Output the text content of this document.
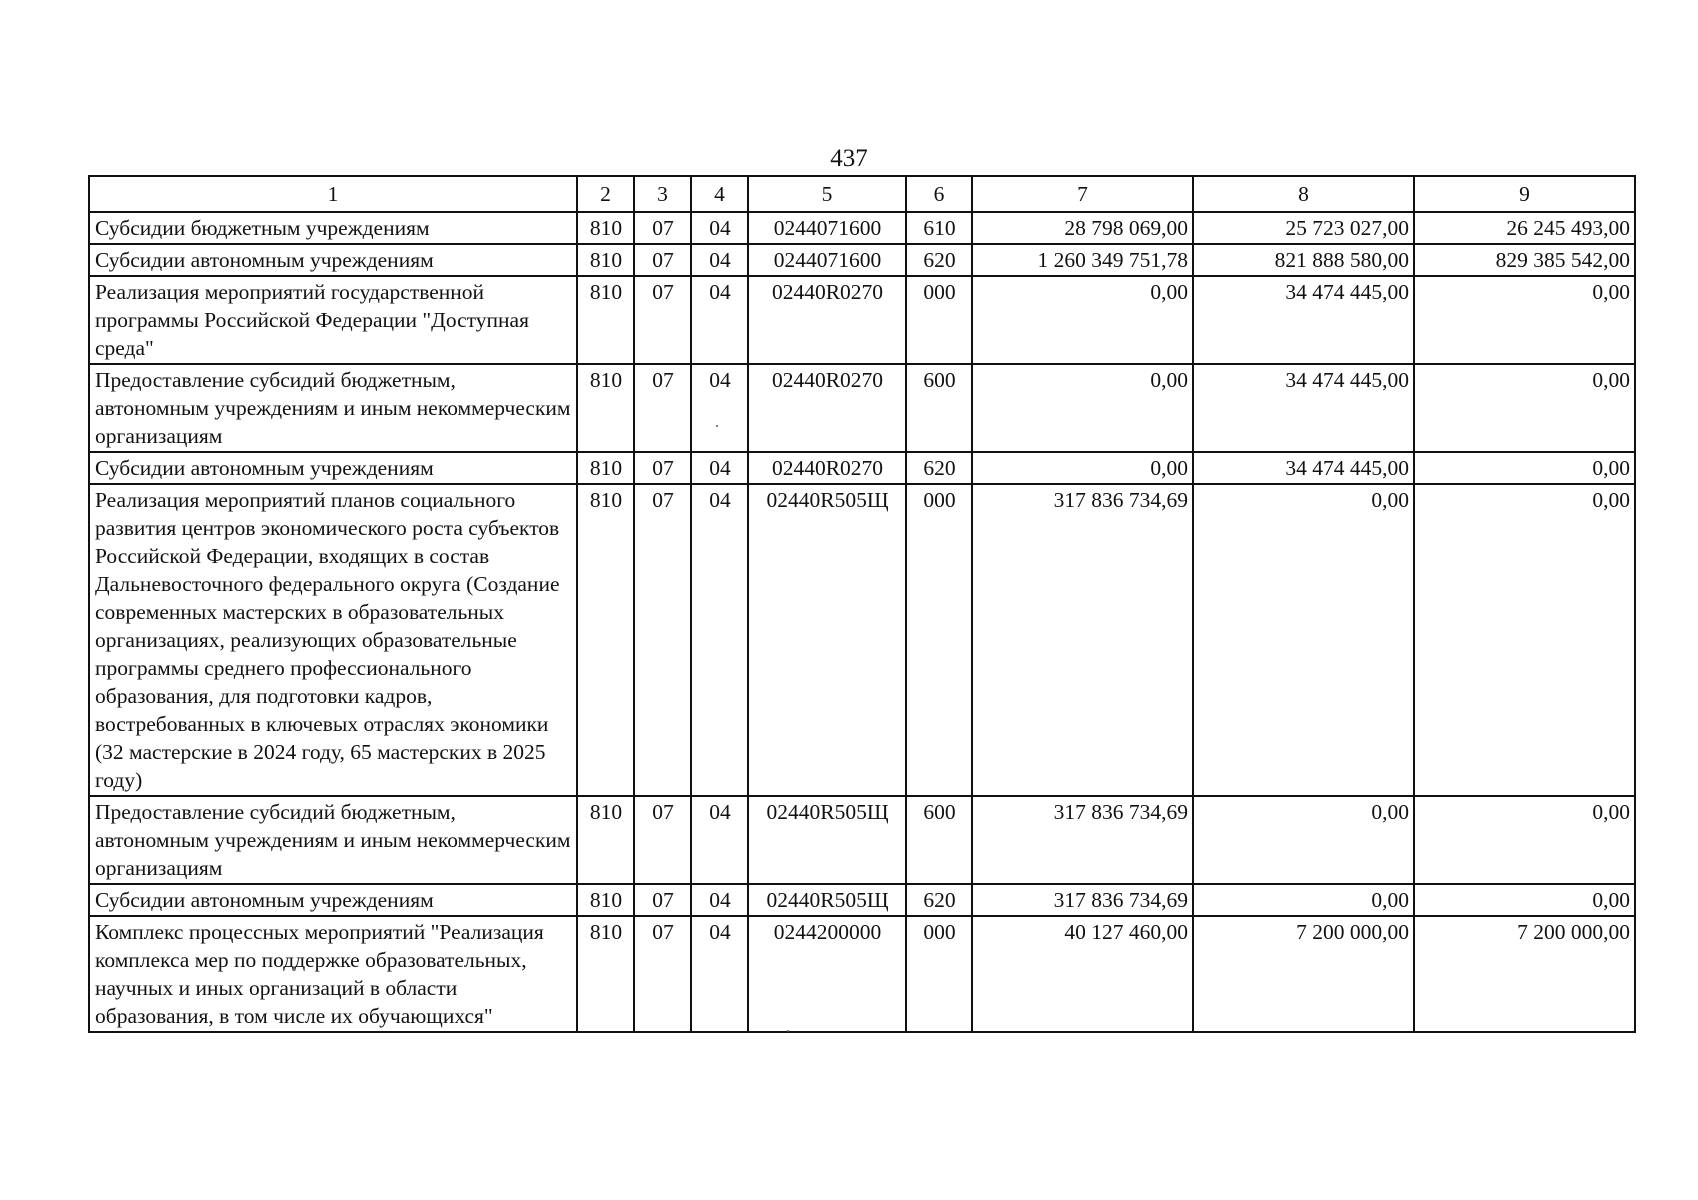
437
1	2	3	4	5	6	7	8	9
Субсидии бюджетным учреждениям	810	07	04	0244071600	610	28 798 069,00	25 723 027,00	26 245 493,00
Субсидии автономным учреждениям	810	07	04	0244071600	620	1 260 349 751,78	821 888 580,00	829 385 542,00
Реализация мероприятий государственной программы Российской Федерации "Доступная среда"	810	07	04	02440R0270	000	0,00	34 474 445,00	0,00
Предоставление субсидий бюджетным, автономным учреждениям и иным некоммерческим организациям	810	07	04	02440R0270	600	0,00	34 474 445,00	0,00
Субсидии автономным учреждениям	810	07	04	02440R0270	620	0,00	34 474 445,00	0,00
Реализация мероприятий планов социального развития центров экономического роста субъектов Российской Федерации, входящих в состав Дальневосточного федерального округа (Создание современных мастерских в образовательных организациях, реализующих образовательные программы среднего профессионального образования, для подготовки кадров, востребованных в ключевых отраслях экономики (32 мастерские в 2024 году, 65 мастерских в 2025 году)	810	07	04	02440R505Щ	000	317 836 734,69	0,00	0,00
Предоставление субсидий бюджетным, автономным учреждениям и иным некоммерческим организациям	810	07	04	02440R505Щ	600	317 836 734,69	0,00	0,00
Субсидии автономным учреждениям	810	07	04	02440R505Щ	620	317 836 734,69	0,00	0,00
Комплекс процессных мероприятий "Реализация комплекса мер по поддержке образовательных, научных и иных организаций в области образования, в том числе их обучающихся"	810	07	04	0244200000	000	40 127 460,00	7 200 000,00	7 200 000,00
